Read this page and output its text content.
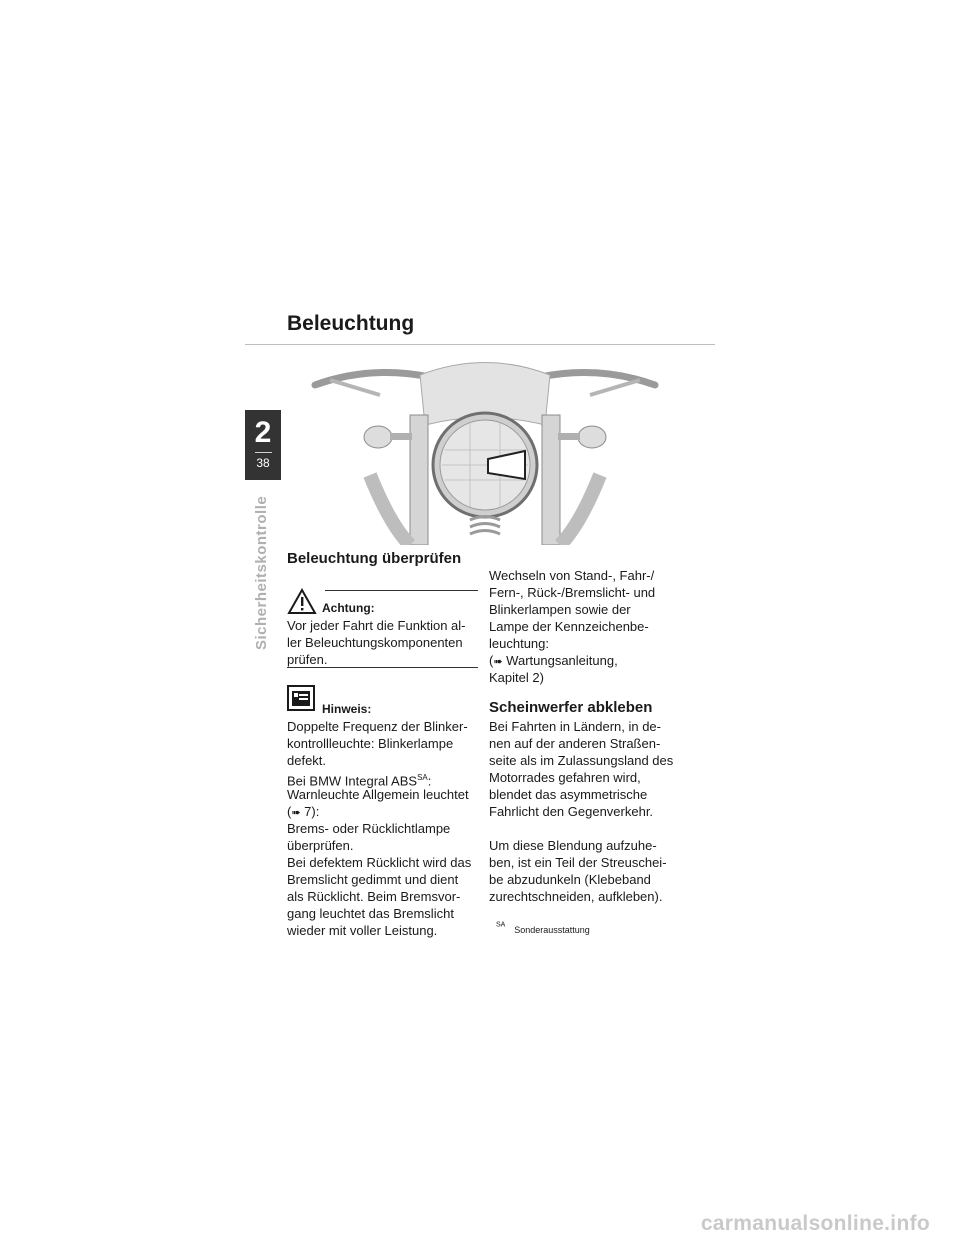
Beleuchtung
2
38
Sicherheitskontrolle Beleuchtung überprüfen
Achtung:

Vor jeder Fahrt die Funktion al-

ler Beleuchtungskomponenten

prüfen.

Hinweis:

Doppelte Frequenz der Blinker-

kontrollleuchte: Blinkerlampe

defekt.

Bei BMW Integral $ABS^{SA}$:

Warnleuchte Allgemein leuchtet

(➠ 7):

Brems- oder Rücklichtlampe

überprüfen.

Bei defektem Rücklicht wird das

Bremslicht gedimmt und dient

als Rücklicht. Beim Bremsvor-

gang leuchtet das Bremslicht

wieder mit voller Leistung.

Wechseln von Stand-, Fahr-/

Fern-, Rück-/Bremslicht- und

Blinkerlampen sowie der

Lampe der Kennzeichenbe-

leuchtung:

(➠ Wartungsanleitung,

Kapitel 2)

Scheinwerfer abkleben

Bei Fahrten in Ländern, in de-

nen auf der anderen Straßen-

seite als im Zulassungsland des

Motorrades gefahren wird,

blendet das asymmetrische

Fahrlicht den Gegenverkehr.

Um diese Blendung aufzuhe-

ben, ist ein Teil der Streuschei-

be abzudunkeln (Klebeband

zurechtschneiden, aufkleben).

$^{SA}$ Sonderausstattung
carmanualsonline.info
